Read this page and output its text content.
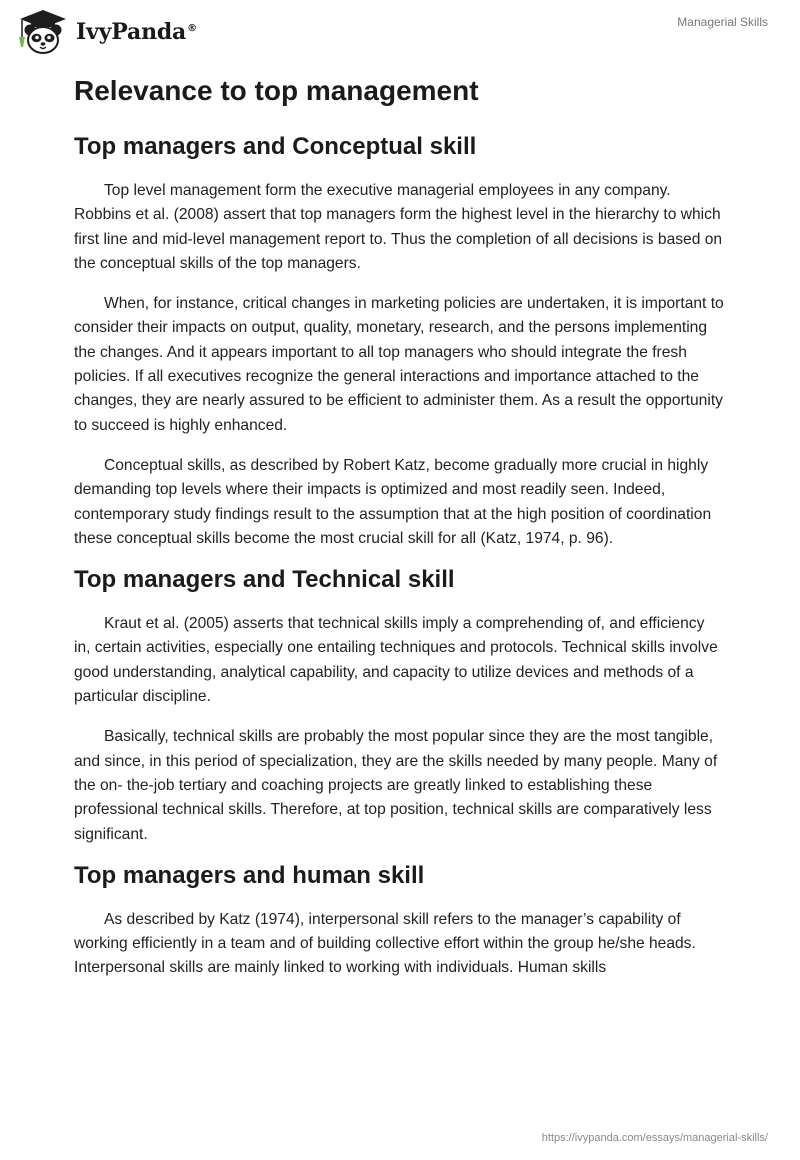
IvyPanda®	Managerial Skills
Relevance to top management
Top managers and Conceptual skill

Top level management form the executive managerial employees in any company. Robbins et al. (2008) assert that top managers form the highest level in the hierarchy to which first line and mid-level management report to. Thus the completion of all decisions is based on the conceptual skills of the top managers.

When, for instance, critical changes in marketing policies are undertaken, it is important to consider their impacts on output, quality, monetary, research, and the persons implementing the changes. And it appears important to all top managers who should integrate the fresh policies. If all executives recognize the general interactions and importance attached to the changes, they are nearly assured to be efficient to administer them. As a result the opportunity to succeed is highly enhanced.

Conceptual skills, as described by Robert Katz, become gradually more crucial in highly demanding top levels where their impacts is optimized and most readily seen. Indeed, contemporary study findings result to the assumption that at the high position of coordination these conceptual skills become the most crucial skill for all (Katz, 1974, p. 96).

Top managers and Technical skill

Kraut et al. (2005) asserts that technical skills imply a comprehending of, and efficiency in, certain activities, especially one entailing techniques and protocols. Technical skills involve good understanding, analytical capability, and capacity to utilize devices and methods of a particular discipline.

Basically, technical skills are probably the most popular since they are the most tangible, and since, in this period of specialization, they are the skills needed by many people. Many of the on- the-job tertiary and coaching projects are greatly linked to establishing these professional technical skills. Therefore, at top position, technical skills are comparatively less significant.

Top managers and human skill

As described by Katz (1974), interpersonal skill refers to the manager’s capability of working efficiently in a team and of building collective effort within the group he/she heads. Interpersonal skills are mainly linked to working with individuals. Human skills

https://ivypanda.com/essays/managerial-skills/
